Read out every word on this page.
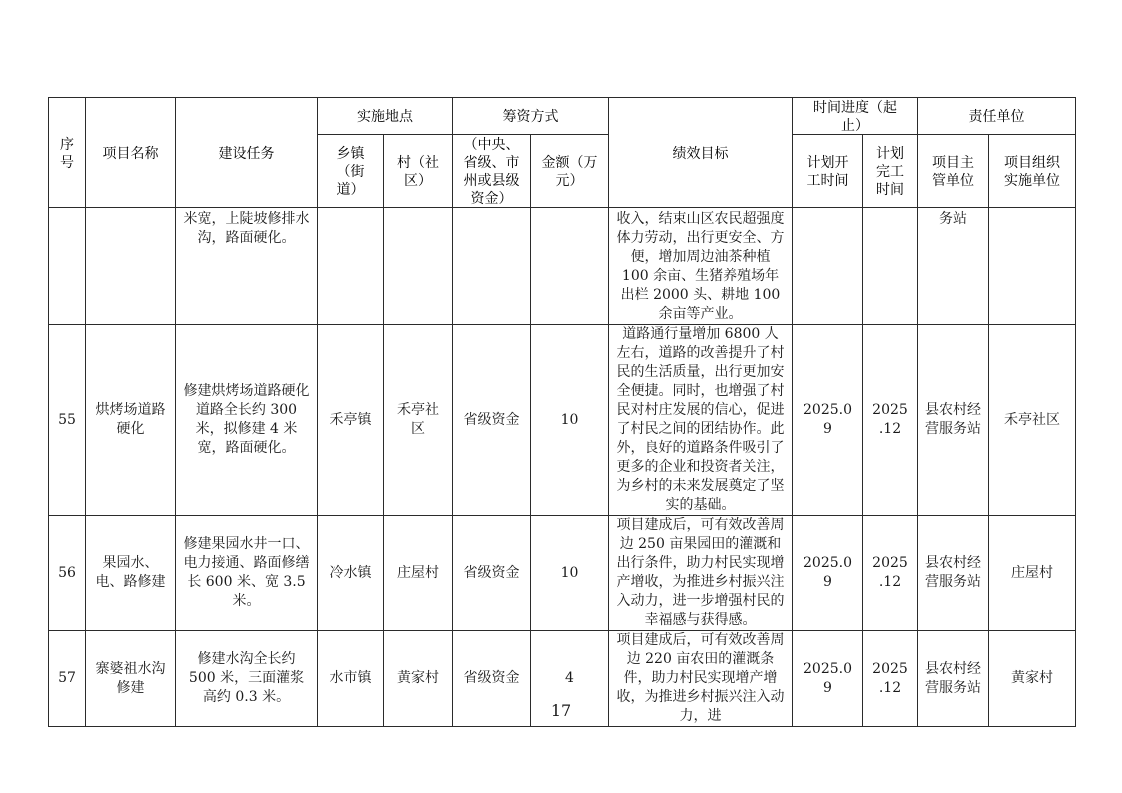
序号	项目名称	建设任务	实施地点		筹资方式		绩效目标	时间进度（起止）		责任单位	
			乡镇（街道）	村（社区）	（中央、省级、市州或县级资金）	金额（万元）		计划开工时间	计划完工时间	项目主管单位	项目组织实施单位
		米宽，上陡坡修排水沟，路面硬化。					收入，结束山区农民超强度体力劳动，出行更安全、方便，增加周边油茶种植 100 余亩、生猪养殖场年出栏 2000 头、耕地 100 余亩等产业。			务站	
55	烘烤场道路硬化	修建烘烤场道路硬化道路全长约 300 米，拟修建 4 米宽，路面硬化。	禾亭镇	禾亭社区	省级资金	10	道路通行量增加 6800 人左右，道路的改善提升了村民的生活质量，出行更加安全便捷。同时，也增强了村民对村庄发展的信心，促进了村民之间的团结协作。此外，良好的道路条件吸引了更多的企业和投资者关注，为乡村的未来发展奠定了坚实的基础。	2025.09	2025.12	县农村经营服务站	禾亭社区
56	果园水、电、路修建	修建果园水井一口、电力接通、路面修缮长 600 米、宽 3.5 米。	冷水镇	庄屋村	省级资金	10	项目建成后，可有效改善周边 250 亩果园田的灌溉和出行条件，助力村民实现增产增收，为推进乡村振兴注入动力，进一步增强村民的幸福感与获得感。	2025.09	2025.12	县农村经营服务站	庄屋村
57	寨婆祖水沟修建	修建水沟全长约 500 米，三面灌浆高约 0.3 米。	水市镇	黄家村	省级资金	4	项目建成后，可有效改善周边 220 亩农田的灌溉条件，助力村民实现增产增收，为推进乡村振兴注入动力，进	2025.09	2025.12	县农村经营服务站	黄家村
17
